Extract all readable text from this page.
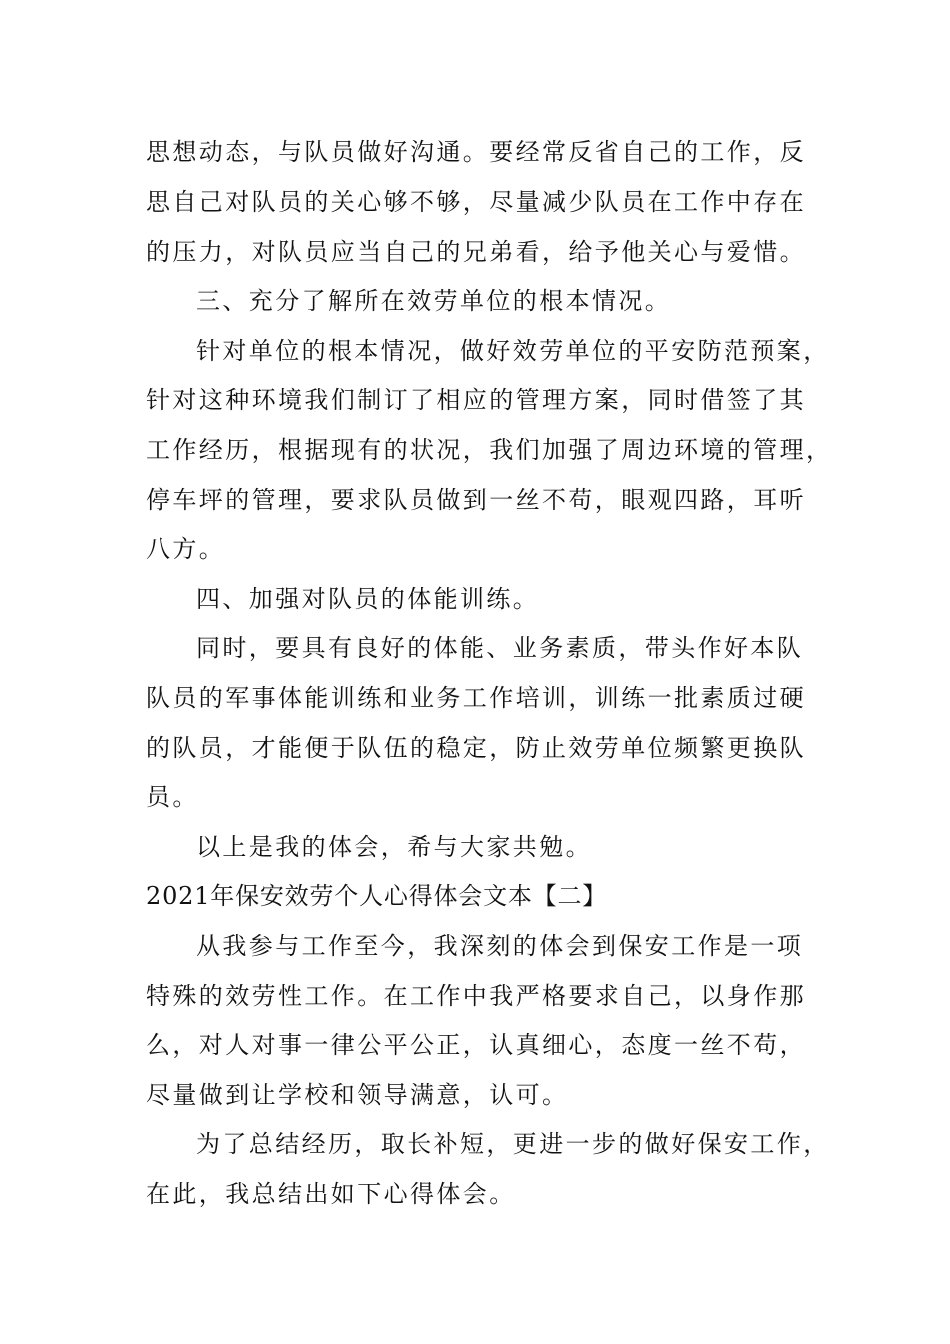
思想动态，与队员做好沟通。要经常反省自己的工作，反
思自己对队员的关心够不够，尽量减少队员在工作中存在
的压力，对队员应当自己的兄弟看，给予他关心与爱惜。
三、充分了解所在效劳单位的根本情况。
针对单位的根本情况，做好效劳单位的平安防范预案，
针对这种环境我们制订了相应的管理方案，同时借签了其
工作经历，根据现有的状况，我们加强了周边环境的管理，
停车坪的管理，要求队员做到一丝不苟，眼观四路，耳听
八方。
四、加强对队员的体能训练。
同时，要具有良好的体能、业务素质，带头作好本队
队员的军事体能训练和业务工作培训，训练一批素质过硬
的队员，才能便于队伍的稳定，防止效劳单位频繁更换队
员。
以上是我的体会，希与大家共勉。
2021年保安效劳个人心得体会文本【二】
从我参与工作至今，我深刻的体会到保安工作是一项
特殊的效劳性工作。在工作中我严格要求自己，以身作那
么，对人对事一律公平公正，认真细心，态度一丝不苟，
尽量做到让学校和领导满意，认可。
为了总结经历，取长补短，更进一步的做好保安工作，
在此，我总结出如下心得体会。
